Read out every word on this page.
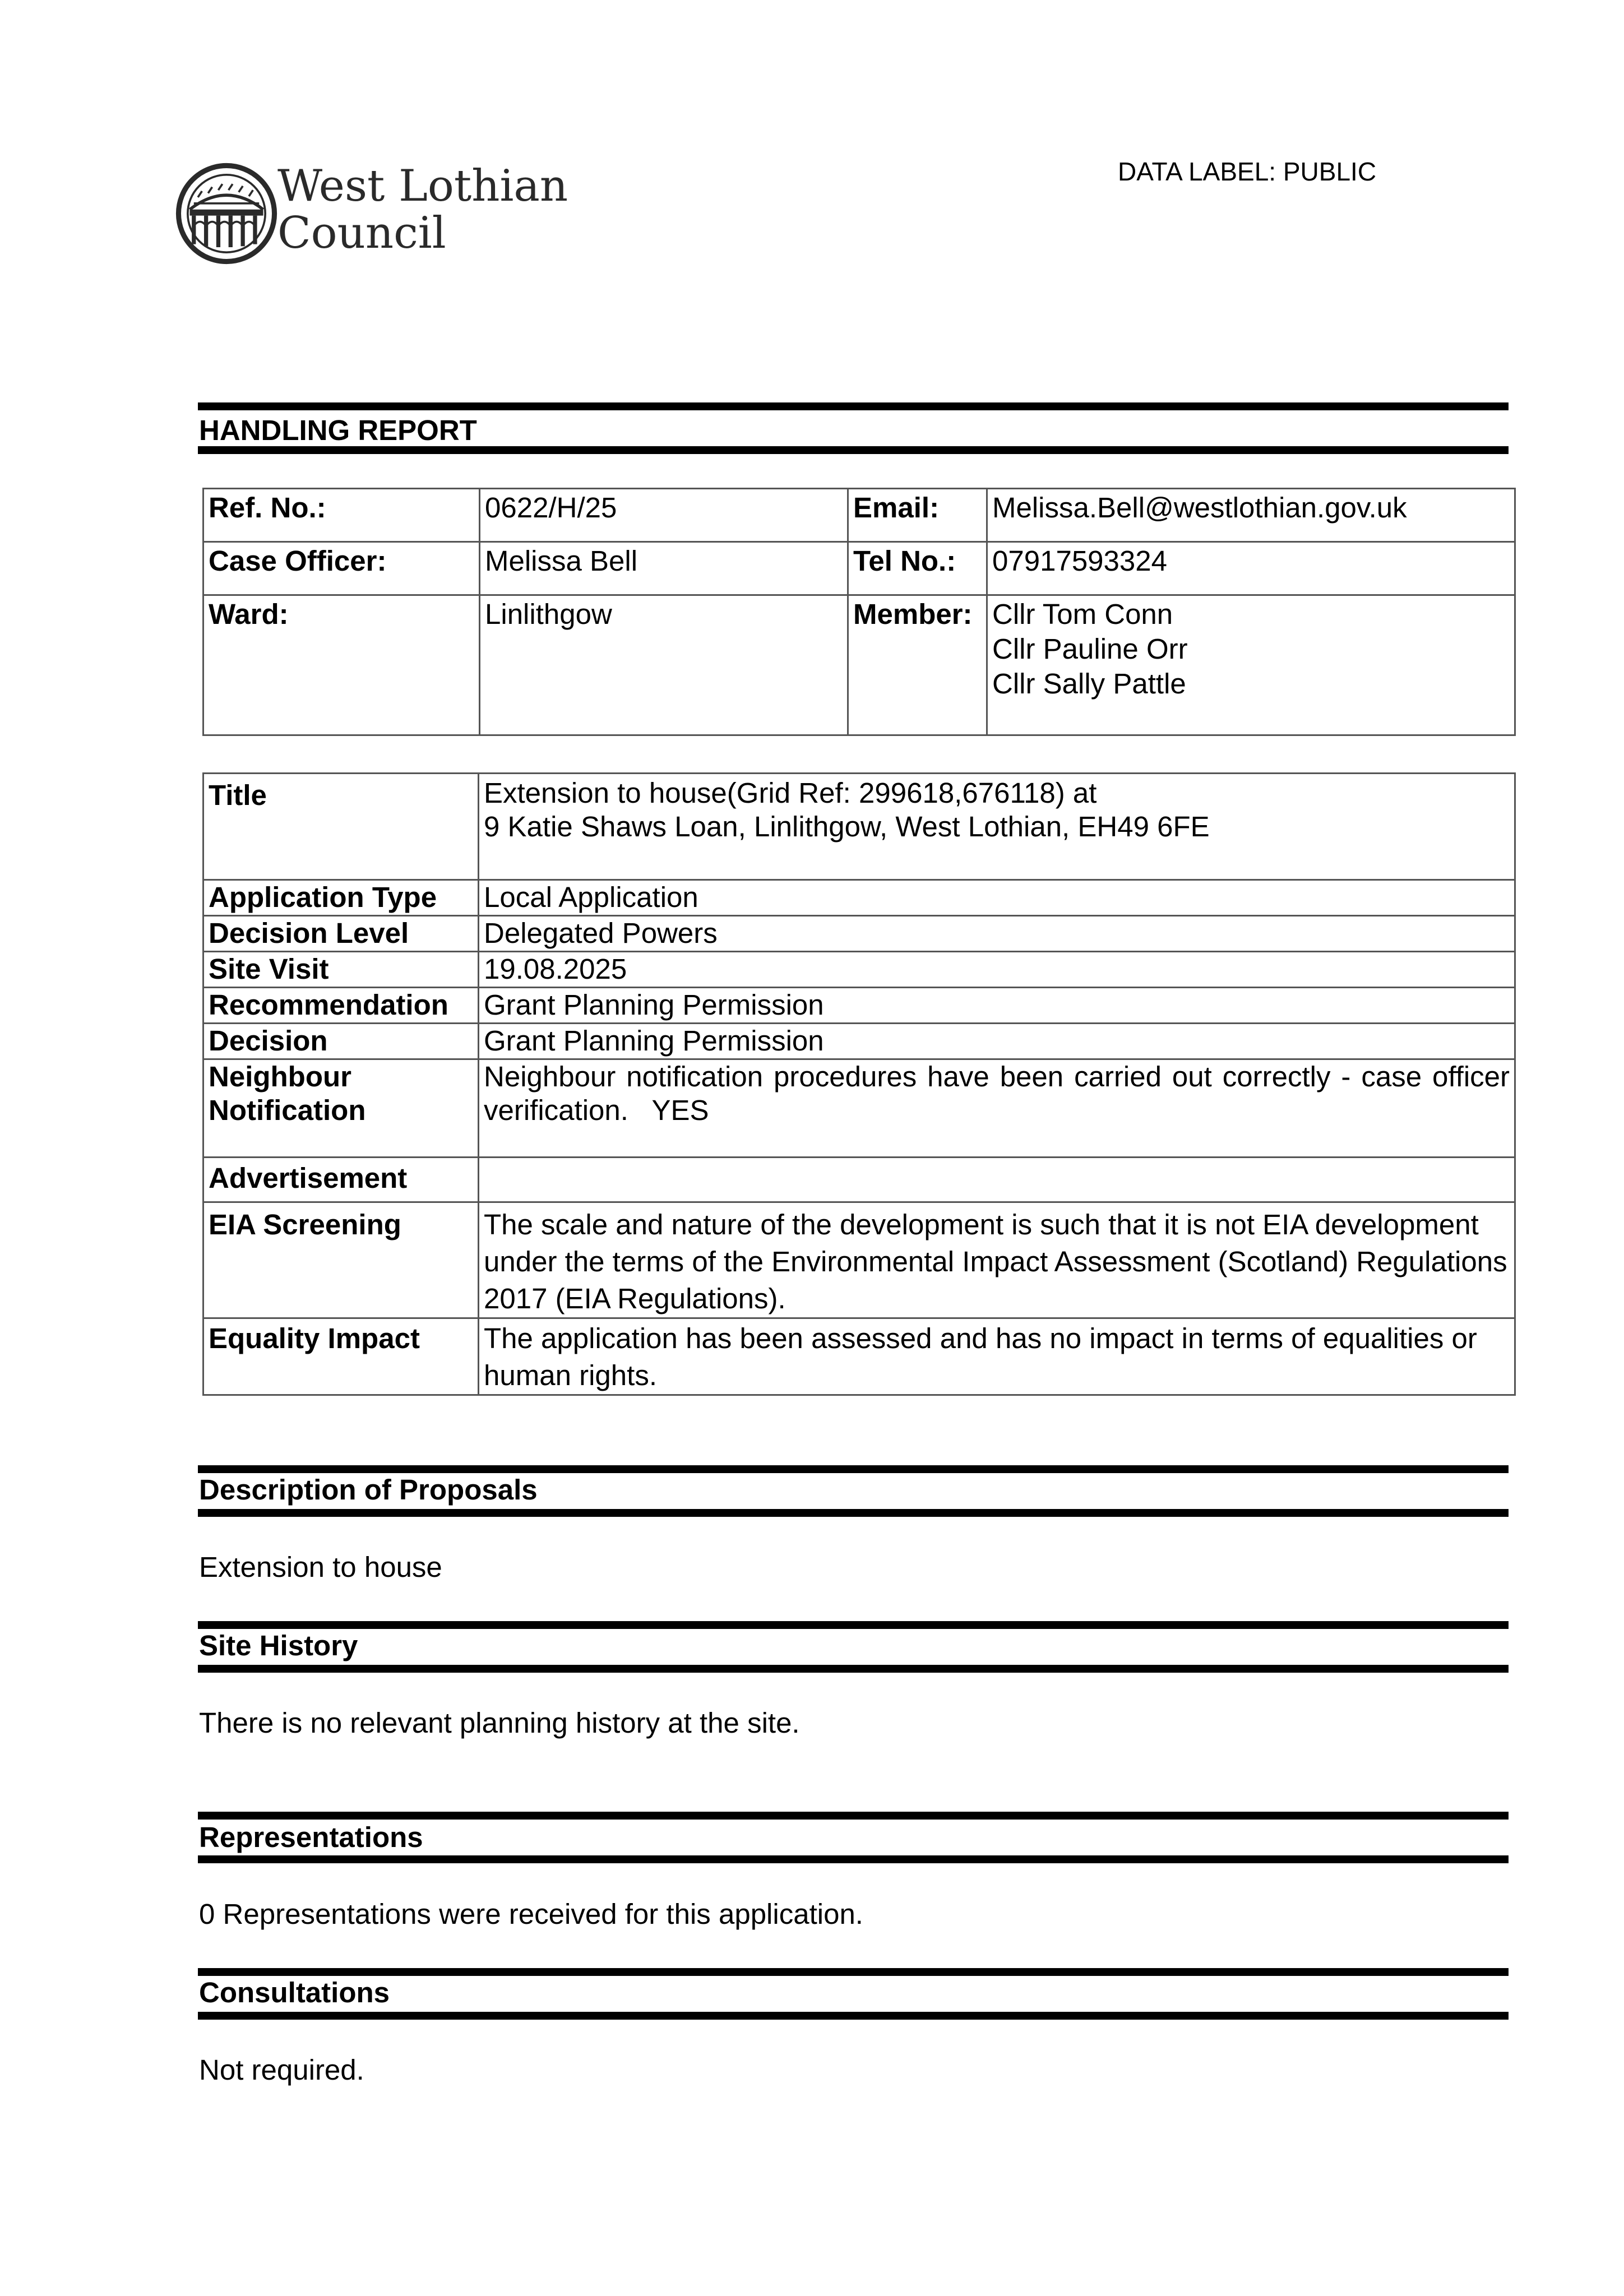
West Lothian
Council
DATA LABEL: PUBLIC
HANDLING REPORT
Ref. No.:	0622/H/25	Email:	Melissa.Bell@westlothian.gov.uk
Case Officer:	Melissa Bell	Tel No.:	07917593324
Ward:	Linlithgow	Member:	Cllr Tom Conn
Cllr Pauline Orr
Cllr Sally Pattle
Title	Extension to house(Grid Ref: 299618,676118) at
9 Katie Shaws Loan, Linlithgow, West Lothian, EH49 6FE

Application Type	Local Application
Decision Level	Delegated Powers
Site Visit	19.08.2025
Recommendation	Grant Planning Permission
Decision	Grant Planning Permission

Neighbour
Notification	Neighbour notification procedures have been carried out correctly - case officer verification.   YES
Advertisement	
EIA Screening	The scale and nature of the development is such that it is not EIA development under the terms of the Environmental Impact Assessment (Scotland) Regulations 2017 (EIA Regulations).
Equality Impact	The application has been assessed and has no impact in terms of equalities or human rights.
Description of Proposals
Extension to house
Site History
There is no relevant planning history at the site.
Representations
0 Representations were received for this application.
Consultations
Not required.
